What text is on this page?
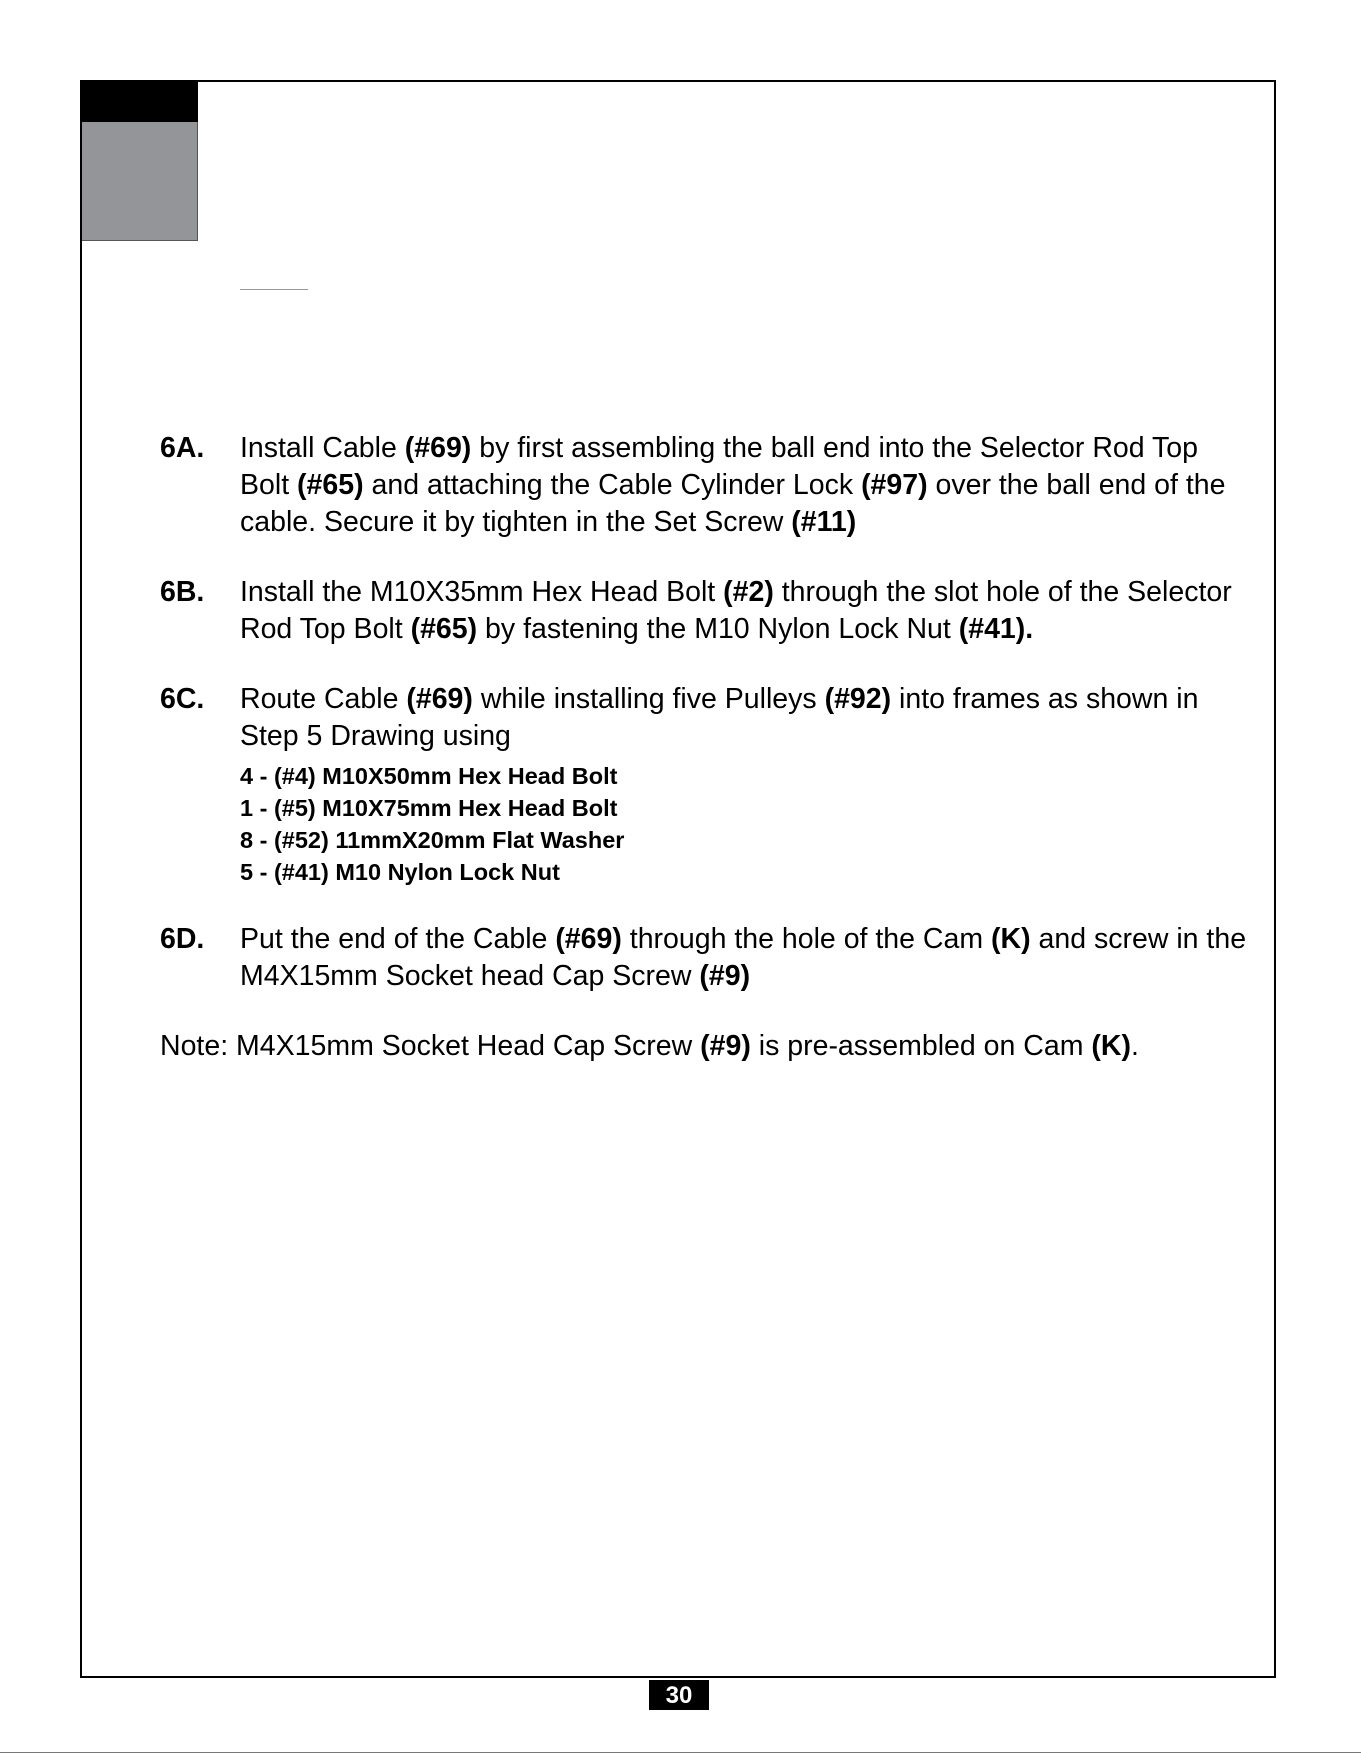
6A. Install Cable (#69) by first assembling the ball end into the Selector Rod Top Bolt (#65) and attaching the Cable Cylinder Lock (#97) over the ball end of the cable. Secure it by tighten in the Set Screw (#11)
6B. Install the M10X35mm Hex Head Bolt (#2) through the slot hole of the Selector Rod Top Bolt (#65) by fastening the M10 Nylon Lock Nut (#41).
6C. Route Cable (#69) while installing five Pulleys (#92) into frames as shown in Step 5 Drawing using
4 - (#4) M10X50mm Hex Head Bolt
1 - (#5) M10X75mm Hex Head Bolt
8 - (#52) 11mmX20mm Flat Washer
5 - (#41) M10 Nylon Lock Nut
6D. Put the end of the Cable (#69) through the hole of the Cam (K) and screw in the M4X15mm Socket head Cap Screw (#9)
Note: M4X15mm Socket Head Cap Screw (#9) is pre-assembled on Cam (K).
30
